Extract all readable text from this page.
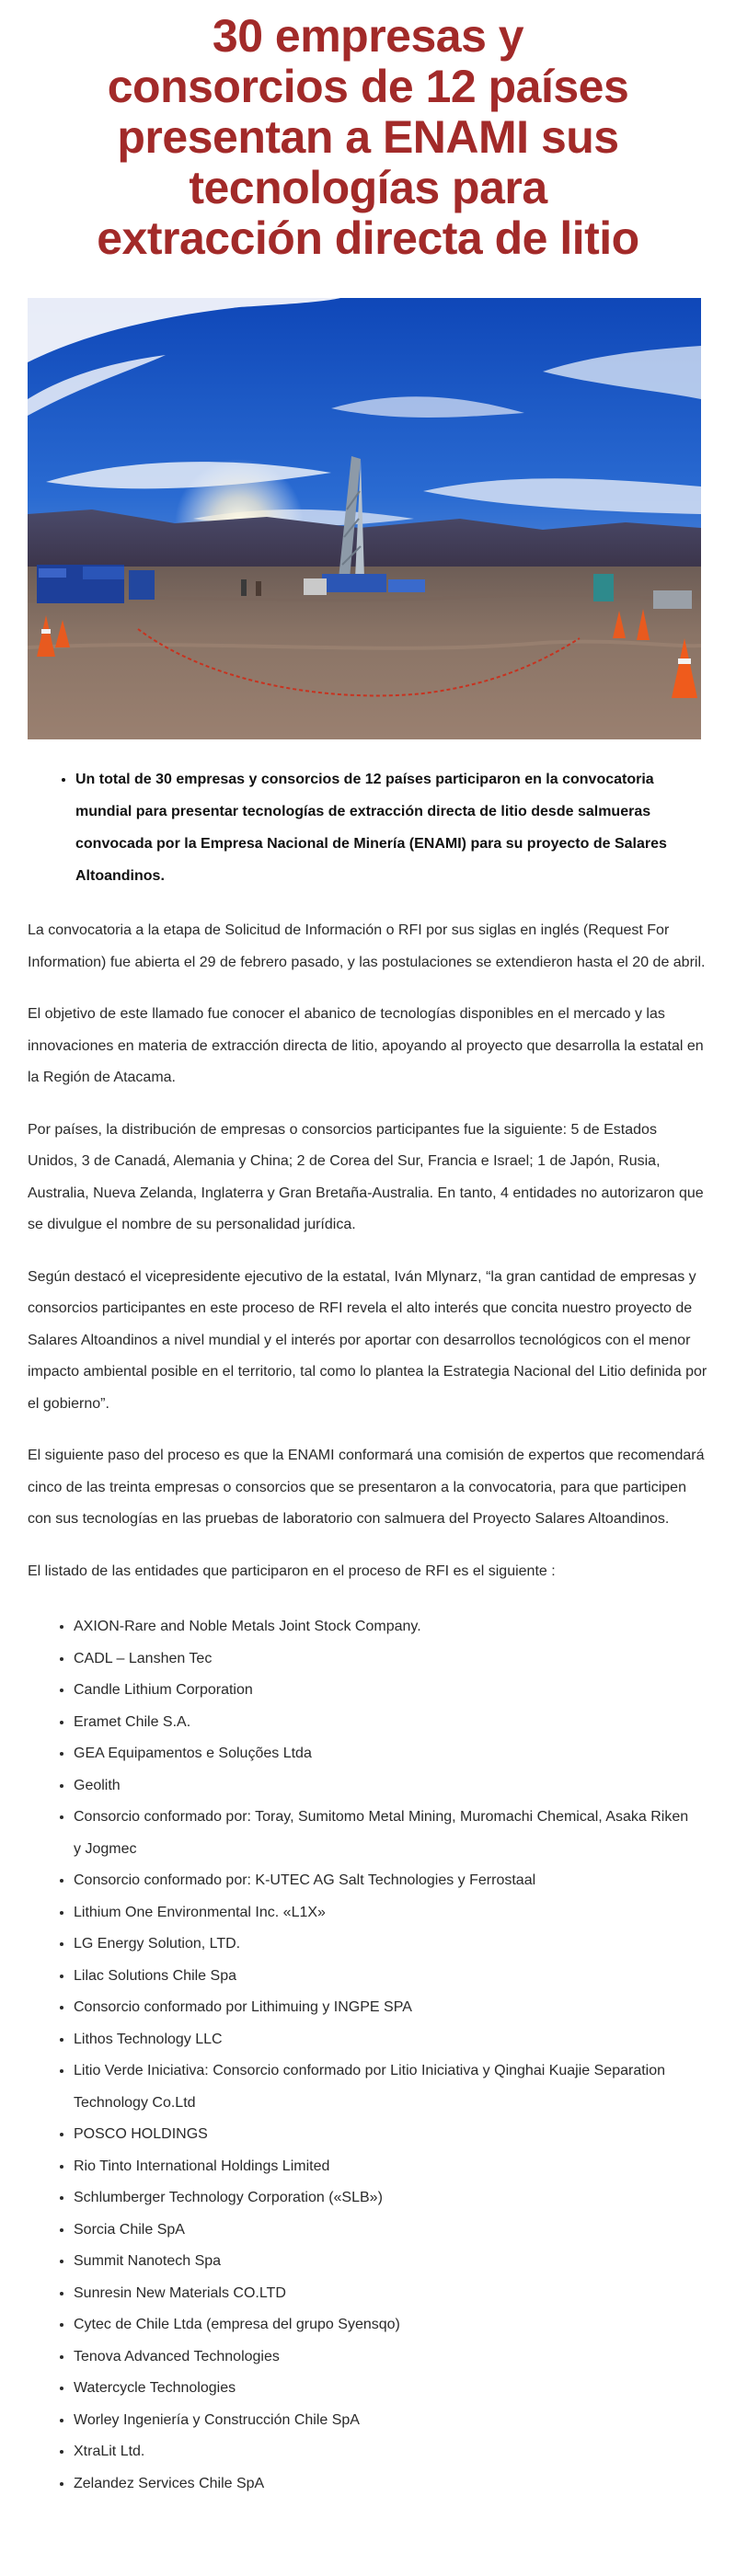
30 empresas y consorcios de 12 países presentan a ENAMI sus tecnologías para extracción directa de litio
• Un total de 30 empresas y consorcios de 12 países participaron en la convocatoria mundial para presentar tecnologías de extracción directa de litio desde salmueras convocada por la Empresa Nacional de Minería (ENAMI) para su proyecto de Salares Altoandinos.

La convocatoria a la etapa de Solicitud de Información o RFI por sus siglas en inglés (Request For Information) fue abierta el 29 de febrero pasado, y las postulaciones se extendieron hasta el 20 de abril.

El objetivo de este llamado fue conocer el abanico de tecnologías disponibles en el mercado y las innovaciones en materia de extracción directa de litio, apoyando al proyecto que desarrolla la estatal en la Región de Atacama.

Por países, la distribución de empresas o consorcios participantes fue la siguiente: 5 de Estados Unidos, 3 de Canadá, Alemania y China; 2 de Corea del Sur, Francia e Israel; 1 de Japón, Rusia, Australia, Nueva Zelanda, Inglaterra y Gran Bretaña-Australia. En tanto, 4 entidades no autorizaron que se divulgue el nombre de su personalidad jurídica.

Según destacó el vicepresidente ejecutivo de la estatal, Iván Mlynarz, “la gran cantidad de empresas y consorcios participantes en este proceso de RFI revela el alto interés que concita nuestro proyecto de Salares Altoandinos a nivel mundial y el interés por aportar con desarrollos tecnológicos con el menor impacto ambiental posible en el territorio, tal como lo plantea la Estrategia Nacional del Litio definida por el gobierno”.

El siguiente paso del proceso es que la ENAMI conformará una comisión de expertos que recomendará cinco de las treinta empresas o consorcios que se presentaron a la convocatoria, para que participen con sus tecnologías en las pruebas de laboratorio con salmuera del Proyecto Salares Altoandinos.

El listado de las entidades que participaron en el proceso de RFI es el siguiente :

• AXION-Rare and Noble Metals Joint Stock Company.
• CADL – Lanshen Tec
• Candle Lithium Corporation
• Eramet Chile S.A.
• GEA Equipamentos e Soluções Ltda
• Geolith
• Consorcio conformado por: Toray, Sumitomo Metal Mining, Muromachi Chemical, Asaka Riken y Jogmec
• Consorcio conformado por: K-UTEC AG Salt Technologies y Ferrostaal
• Lithium One Environmental Inc. «L1X»
• LG Energy Solution, LTD.
• Lilac Solutions Chile Spa
• Consorcio conformado por Lithimuing y INGPE SPA
• Lithos Technology LLC
• Litio Verde Iniciativa: Consorcio conformado por Litio Iniciativa y Qinghai Kuajie Separation Technology Co.Ltd
• POSCO HOLDINGS
• Rio Tinto International Holdings Limited
• Schlumberger Technology Corporation («SLB»)
• Sorcia Chile SpA
• Summit Nanotech Spa
• Sunresin New Materials CO.LTD
• Cytec de Chile Ltda (empresa del grupo Syensqo)
• Tenova Advanced Technologies
• Watercycle Technologies
• Worley Ingeniería y Construcción Chile SpA
• XtraLit Ltd.
• Zelandez Services Chile SpA
